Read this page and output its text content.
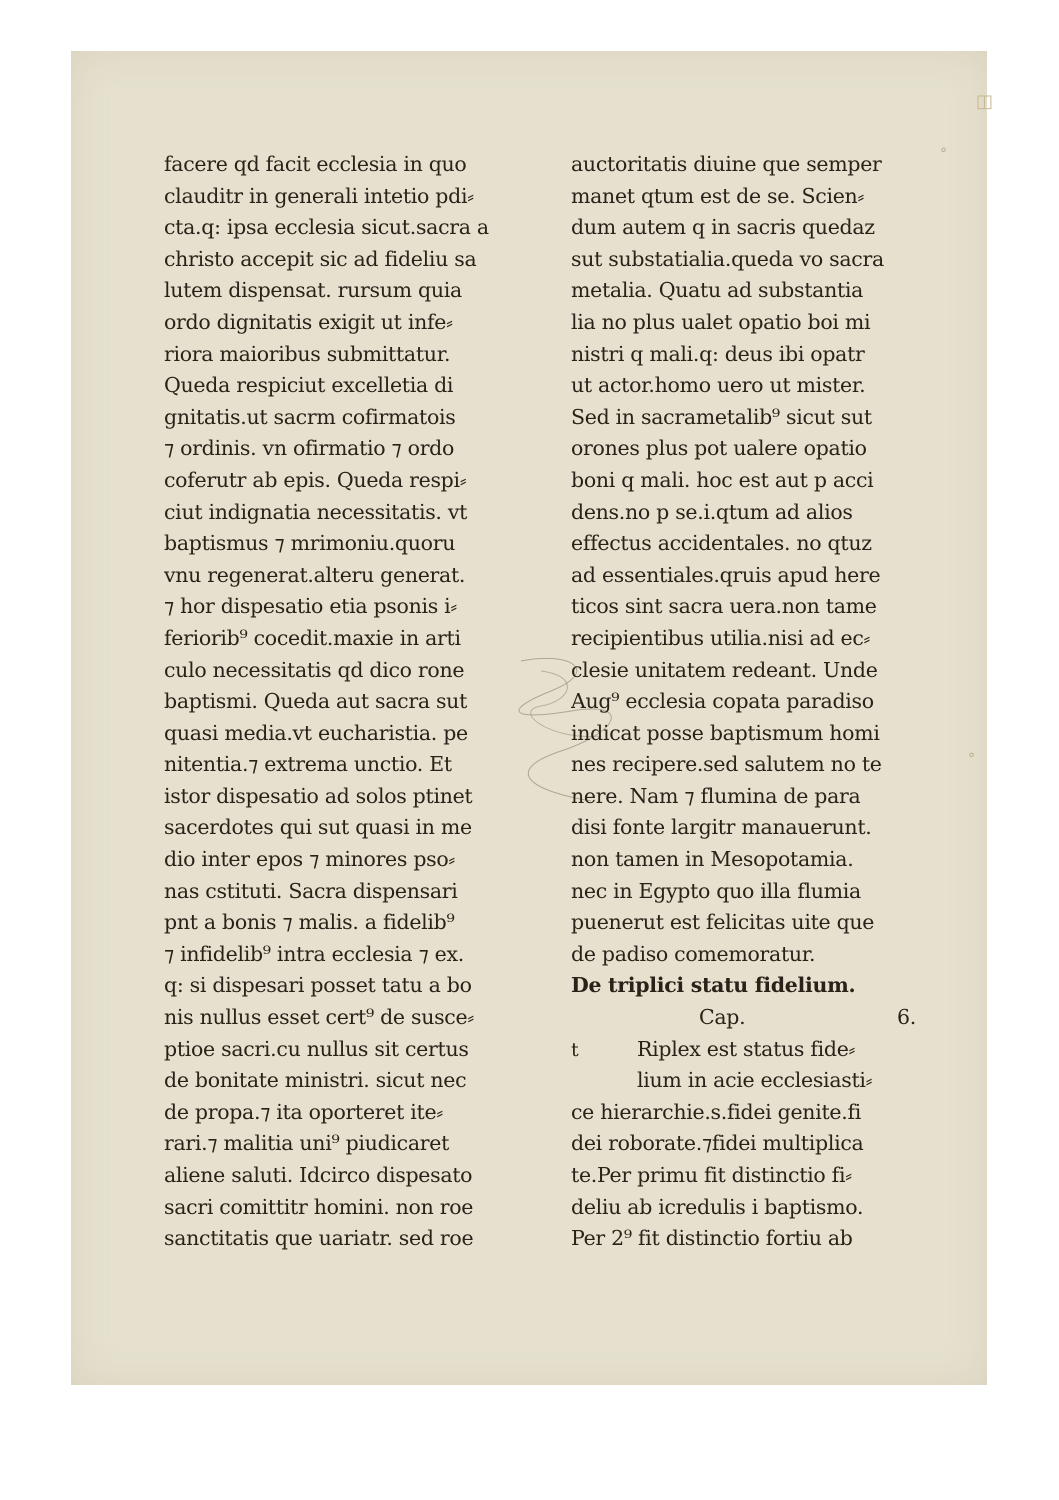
◫
°
°
facere qd facit ecclesia in quo
clauditr in generali intetio pdi⸗
cta.q: ipsa ecclesia sicut.sacra a
christo accepit sic ad fideliu sa
lutem dispensat. rursum quia
ordo dignitatis exigit ut infe⸗
riora maioribus submittatur.
Queda respiciut excelletia di
gnitatis.ut sacrm cofirmatois
⁊ ordinis. vn ofirmatio ⁊ ordo
coferutr ab epis. Queda respi⸗
ciut indignatia necessitatis. vt
baptismus ⁊ mrimoniu.quoru
vnu regenerat.alteru generat.
⁊ hor dispesatio etia psonis i⸗
feriorib⁹ cocedit.maxie in arti
culo necessitatis qd dico rone
baptismi. Queda aut sacra sut
quasi media.vt eucharistia. pe
nitentia.⁊ extrema unctio. Et
istor dispesatio ad solos ptinet
sacerdotes qui sut quasi in me
dio inter epos ⁊ minores pso⸗
nas cstituti. Sacra dispensari
pnt a bonis ⁊ malis. a fidelib⁹
⁊ infidelib⁹ intra ecclesia ⁊ ex.
q: si dispesari posset tatu a bo
nis nullus esset cert⁹ de susce⸗
ptioe sacri.cu nullus sit certus
de bonitate ministri. sicut nec
de propa.⁊ ita oporteret ite⸗
rari.⁊ malitia uni⁹ piudicaret
aliene saluti. Idcirco dispesato
sacri comittitr homini. non roe
sanctitatis que uariatr. sed roe
auctoritatis diuine que semper
manet qtum est de se. Scien⸗
dum autem q in sacris quedaz
sut substatialia.queda vo sacra
metalia. Quatu ad substantia
lia no plus ualet opatio boi mi
nistri q mali.q: deus ibi opatr
ut actor.homo uero ut mister.
Sed in sacrametalib⁹ sicut sut
orones plus pot ualere opatio
boni q mali. hoc est aut p acci
dens.no p se.i.qtum ad alios
effectus accidentales. no qtuz
ad essentiales.qruis apud here
ticos sint sacra uera.non tame
recipientibus utilia.nisi ad ec⸗
clesie unitatem redeant. Unde
Aug⁹ ecclesia copata paradiso
indicat posse baptismum homi
nes recipere.sed salutem no te
nere. Nam ⁊ flumina de para
disi fonte largitr manauerunt.
non tamen in Mesopotamia.
nec in Egypto quo illa flumia
puenerut est felicitas uite que
de padiso comemoratur.
De triplici statu fidelium.
Cap.	6.
t	Riplex est status fide⸗
lium in acie ecclesiasti⸗
ce hierarchie.s.fidei genite.fi
dei roborate.⁊fidei multiplica
te.Per primu fit distinctio fi⸗
deliu ab icredulis i baptismo.
Per 2⁹ fit distinctio fortiu ab
